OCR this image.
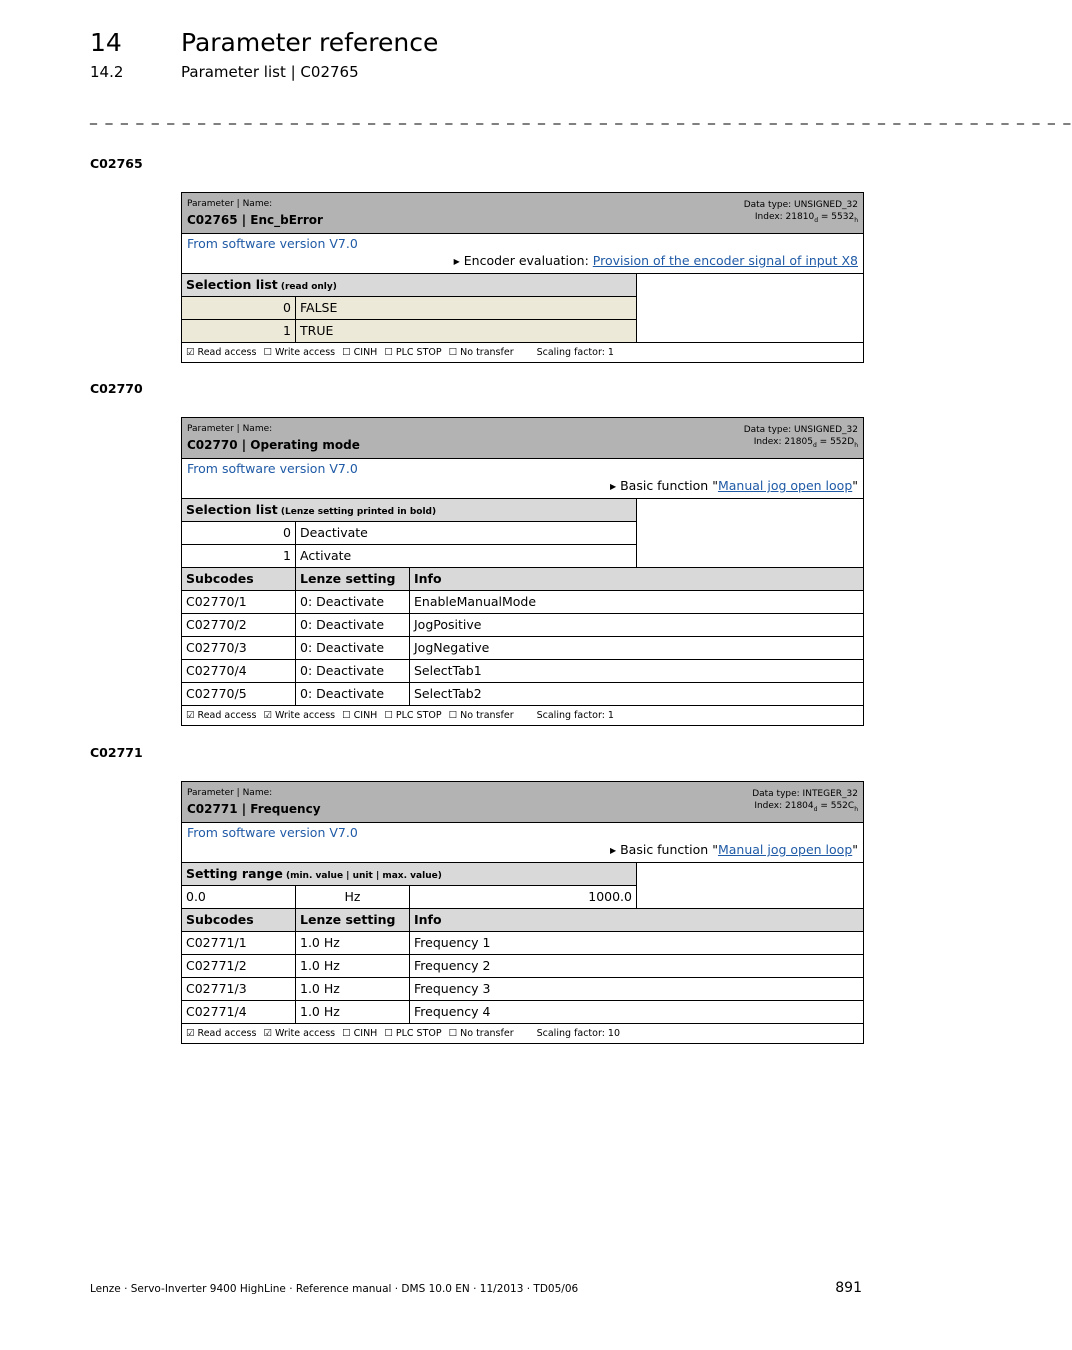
14 Parameter reference
14.2	Parameter list | C02765
_ _ _ _ _ _ _ _ _ _ _ _ _ _ _ _ _ _ _ _ _ _ _ _ _ _ _ _ _ _ _ _ _ _ _ _ _ _ _ _ _ _ _ _ _ _ _ _ _ _ _ _ _ _ _ _ _ _ _ _ _ _ _ _
C02765
Parameter | Name:
C02765 | Enc_bError
Data type: UNSIGNED_32
Index: $21810_d = 5532_h$
From software version V7.0
▶ Encoder evaluation: Provision of the encoder signal of input X8
Selection list (read only)
0 FALSE
1 TRUE
☑ Read access ☐ Write access ☐ CINH ☐ PLC STOP ☐ No transfer Scaling factor: 1
C02770
Parameter | Name:
C02770 | Operating mode
Data type: UNSIGNED_32
Index: $21805_d = 552D_h$
From software version V7.0
▶ Basic function "Manual jog open loop"
Selection list (Lenze setting printed in bold)
0 Deactivate
1 Activate
Subcodes	Lenze setting	Info
C02770/1	0: Deactivate	EnableManualMode
C02770/2	0: Deactivate	JogPositive
C02770/3	0: Deactivate	JogNegative
C02770/4	0: Deactivate	SelectTab1
C02770/5	0: Deactivate	SelectTab2
☑ Read access ☑ Write access ☐ CINH ☐ PLC STOP ☐ No transfer Scaling factor: 1
C02771
Parameter | Name:
C02771 | Frequency
Data type: INTEGER_32
Index: $21804_d = 552C_h$
From software version V7.0
▶ Basic function "Manual jog open loop"
Setting range (min. value | unit | max. value)
0.0	Hz	1000.0
Subcodes	Lenze setting	Info
C02771/1	1.0 Hz	Frequency 1
C02771/2	1.0 Hz	Frequency 2
C02771/3	1.0 Hz	Frequency 3
C02771/4	1.0 Hz	Frequency 4
☑ Read access ☑ Write access ☐ CINH ☐ PLC STOP ☐ No transfer Scaling factor: 10
Lenze · Servo-Inverter 9400 HighLine · Reference manual · DMS 10.0 EN · 11/2013 · TD05/06	891
